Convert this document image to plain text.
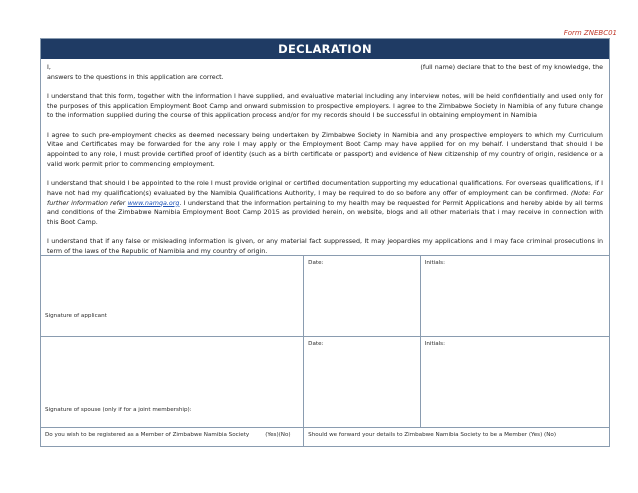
Form ZNEBC01
DECLARATION
I,	(full name) declare that to the best of my knowledge, the
answers to the questions in this application are correct.
I understand that this form, together with the information I have supplied, and evaluative material including any interview notes, will be held confidentially and used only for the purposes of this application Employment Boot Camp and onward submission to prospective employers. I agree to the Zimbabwe Society in Namibia of any future change to the information supplied during the course of this application process and/or for my records should I be successful in obtaining employment in Namibia
I agree to such pre-employment checks as deemed necessary being undertaken by Zimbabwe Society in Namibia and any prospective employers to which my Curriculum Vitae and Certificates may be forwarded for the any role I may apply or the Employment Boot Camp may have applied for on my behalf. I understand that should I be appointed to any role, I must provide certified proof of identity (such as a birth certificate or passport) and evidence of New citizenship of my country of origin, residence or a valid work permit prior to commencing employment.
I understand that should I be appointed to the role I must provide original or certified documentation supporting my educational qualifications. For overseas qualifications, if I have not had my qualification(s) evaluated by the Namibia Qualifications Authority, I may be required to do so before any offer of employment can be confirmed. (Note: For further information refer www.namqa.org. I understand that the information pertaining to my health may be requested for Permit Applications and hereby abide by all terms and conditions of the Zimbabwe Namibia Employment Boot Camp 2015 as provided herein, on website, blogs and all other materials that i may receive in connection with this Boot Camp.
I understand that if any false or misleading information is given, or any material fact suppressed, It may jeopardies my applications and I may face criminal prosecutions in term of the laws of the Republic of Namibia and my country of origin.
Signature of applicant	Date:	Initials:

Signature of spouse (only if for a joint membership):	Date:	Initials:
Do you wish to be registered as a Member of Zimbabwe Namibia Society (Yes)(No)	Should we forward your details to Zimbabwe Namibia Society to be a Member (Yes) (No)	
